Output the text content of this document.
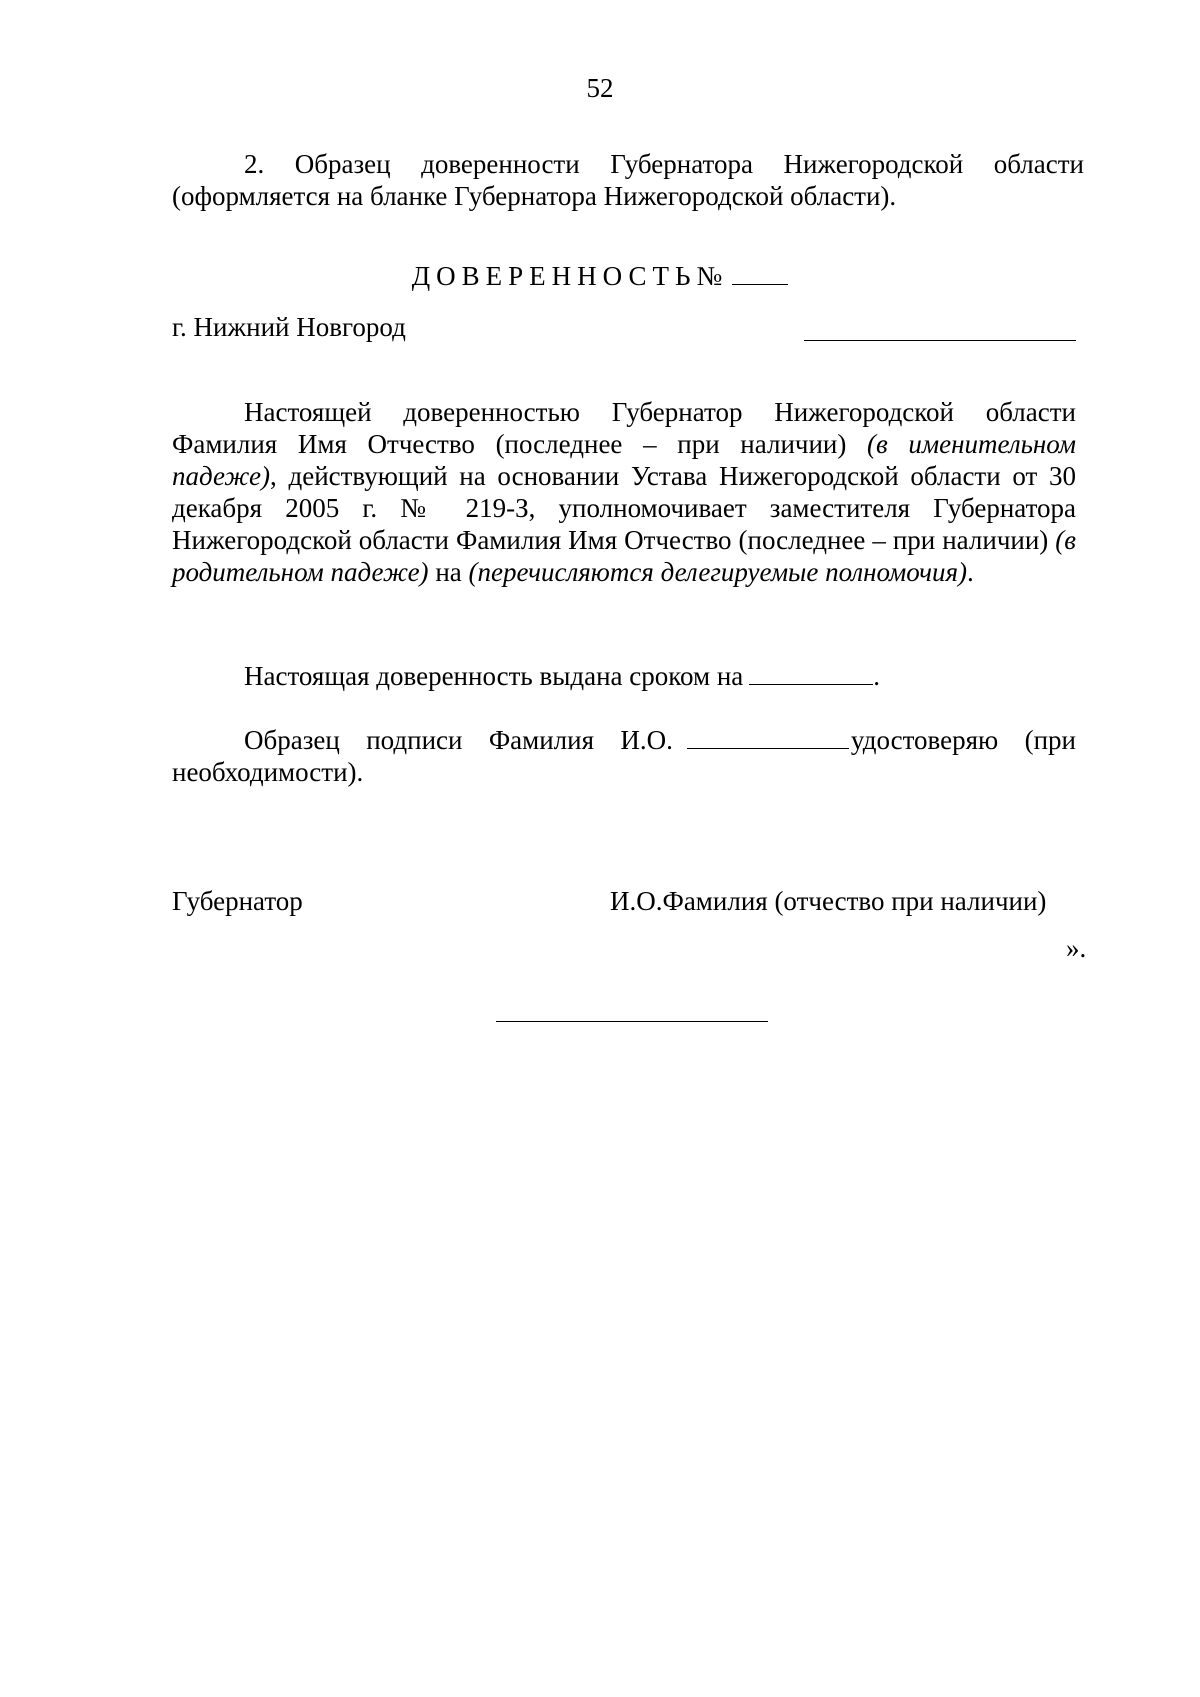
52
2. Образец доверенности Губернатора Нижегородской области (оформляется на бланке Губернатора Нижегородской области).
ДОВЕРЕННОСТЬ№
г. Нижний Новгород
Настоящей доверенностью Губернатор Нижегородской области Фамилия Имя Отчество (последнее – при наличии) (в именительном падеже), действующий на основании Устава Нижегородской области от 30 декабря 2005 г. № 219-З, уполномочивает заместителя Губернатора Нижегородской области Фамилия Имя Отчество (последнее – при наличии) (в родительном падеже) на (перечисляются делегируемые полномочия).
Настоящая доверенность выдана сроком на	.
Образец подписи Фамилия И.О.	удостоверяю (при необходимости).
Губернатор	И.О.Фамилия (отчество при наличии)
».
